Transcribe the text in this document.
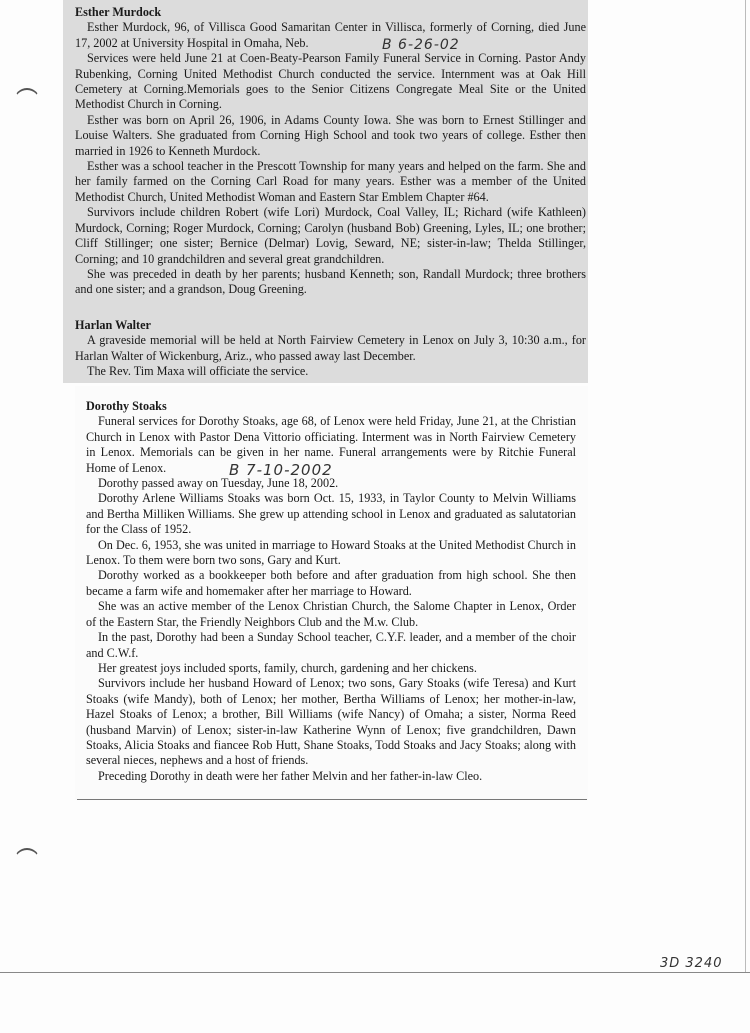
Esther Murdock

Esther Murdock, 96, of Villisca Good Samaritan Center in Villisca, formerly of Corning, died June 17, 2002 at University Hospital in Omaha, Neb.

Services were held June 21 at Coen-Beaty-Pearson Family Funeral Service in Corning. Pastor Andy Rubenking, Corning United Methodist Church conducted the service. Internment was at Oak Hill Cemetery at Corning.Memorials goes to the Senior Citizens Congregate Meal Site or the United Methodist Church in Corning.

Esther was born on April 26, 1906, in Adams County Iowa. She was born to Ernest Stillinger and Louise Walters. She graduated from Corning High School and took two years of college. Esther then married in 1926 to Kenneth Murdock.

Esther was a school teacher in the Prescott Township for many years and helped on the farm. She and her family farmed on the Corning Carl Road for many years. Esther was a member of the United Methodist Church, United Methodist Woman and Eastern Star Emblem Chapter #64.

Survivors include children Robert (wife Lori) Murdock, Coal Valley, IL; Richard (wife Kathleen) Murdock, Corning; Roger Murdock, Corning; Carolyn (husband Bob) Greening, Lyles, IL; one brother; Cliff Stillinger; one sister; Bernice (Delmar) Lovig, Seward, NE; sister-in-law; Thelda Stillinger, Corning; and 10 grandchildren and several great grandchildren.

She was preceded in death by her parents; husband Kenneth; son, Randall Murdock; three brothers and one sister; and a grandson, Doug Greening.

B 6-26-02

Harlan Walter

A graveside memorial will be held at North Fairview Cemetery in Lenox on July 3, 10:30 a.m., for Harlan Walter of Wickenburg, Ariz., who passed away last December.

The Rev. Tim Maxa will officiate the service.

Dorothy Stoaks

Funeral services for Dorothy Stoaks, age 68, of Lenox were held Friday, June 21, at the Christian Church in Lenox with Pastor Dena Vittorio officiating. Interment was in North Fairview Cemetery in Lenox. Memorials can be given in her name. Funeral arrangements were by Ritchie Funeral Home of Lenox.

Dorothy passed away on Tuesday, June 18, 2002.

Dorothy Arlene Williams Stoaks was born Oct. 15, 1933, in Taylor County to Melvin Williams and Bertha Milliken Williams. She grew up attending school in Lenox and graduated as salutatorian for the Class of 1952.

On Dec. 6, 1953, she was united in marriage to Howard Stoaks at the United Methodist Church in Lenox. To them were born two sons, Gary and Kurt.

Dorothy worked as a bookkeeper both before and after graduation from high school. She then became a farm wife and homemaker after her marriage to Howard.

She was an active member of the Lenox Christian Church, the Salome Chapter in Lenox, Order of the Eastern Star, the Friendly Neighbors Club and the M.w. Club.

In the past, Dorothy had been a Sunday School teacher, C.Y.F. leader, and a member of the choir and C.W.f.

Her greatest joys included sports, family, church, gardening and her chickens.

Survivors include her husband Howard of Lenox; two sons, Gary Stoaks (wife Teresa) and Kurt Stoaks (wife Mandy), both of Lenox; her mother, Bertha Williams of Lenox; her mother-in-law, Hazel Stoaks of Lenox; a brother, Bill Williams (wife Nancy) of Omaha; a sister, Norma Reed (husband Marvin) of Lenox; sister-in-law Katherine Wynn of Lenox; five grandchildren, Dawn Stoaks, Alicia Stoaks and fiancee Rob Hutt, Shane Stoaks, Todd Stoaks and Jacy Stoaks; along with several nieces, nephews and a host of friends.

Preceding Dorothy in death were her father Melvin and her father-in-law Cleo.

B 7-10-2002
3D 3240
